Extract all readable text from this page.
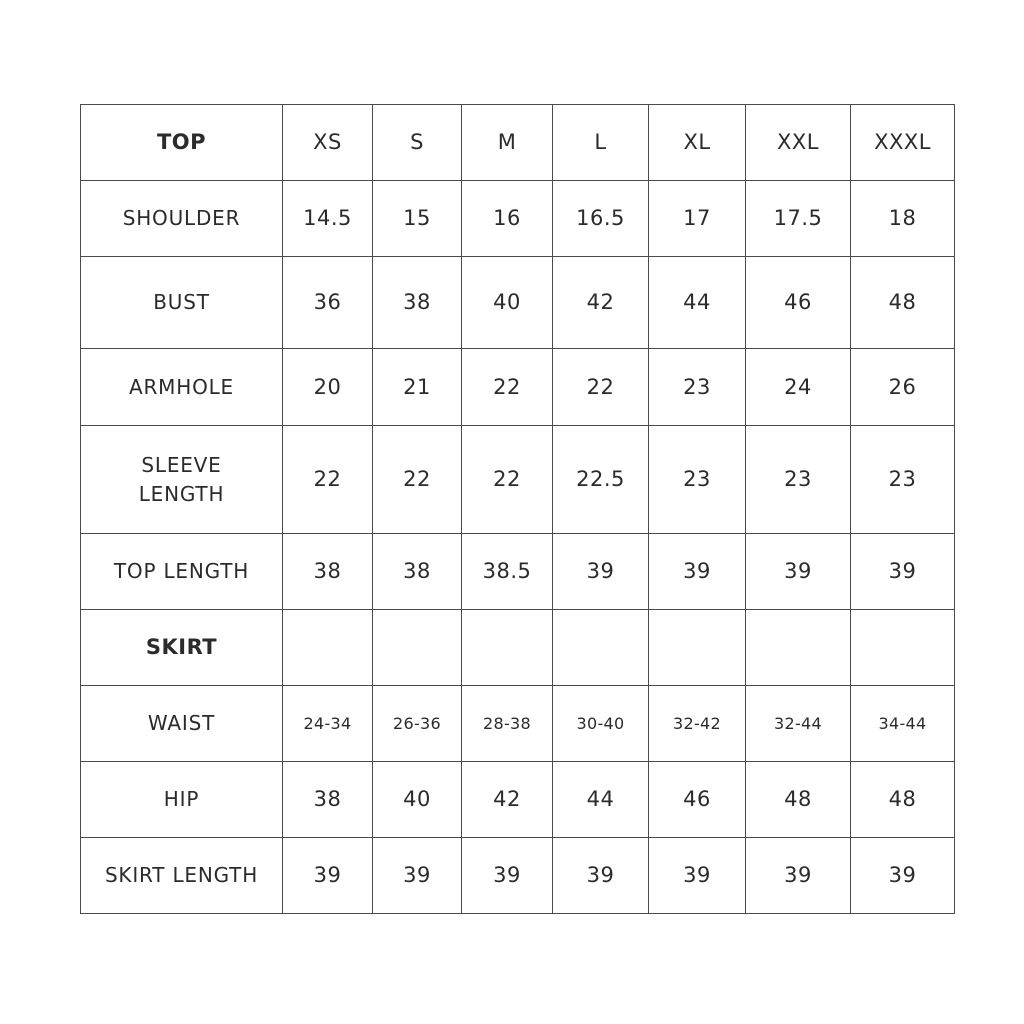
TOP	XS	S	M	L	XL	XXL	XXXL
SHOULDER	14.5	15	16	16.5	17	17.5	18
BUST	36	38	40	42	44	46	48
ARMHOLE	20	21	22	22	23	24	26
SLEEVE
LENGTH	22	22	22	22.5	23	23	23
TOP LENGTH	38	38	38.5	39	39	39	39
SKIRT							
WAIST	24-34	26-36	28-38	30-40	32-42	32-44	34-44
HIP	38	40	42	44	46	48	48
SKIRT LENGTH	39	39	39	39	39	39	39
